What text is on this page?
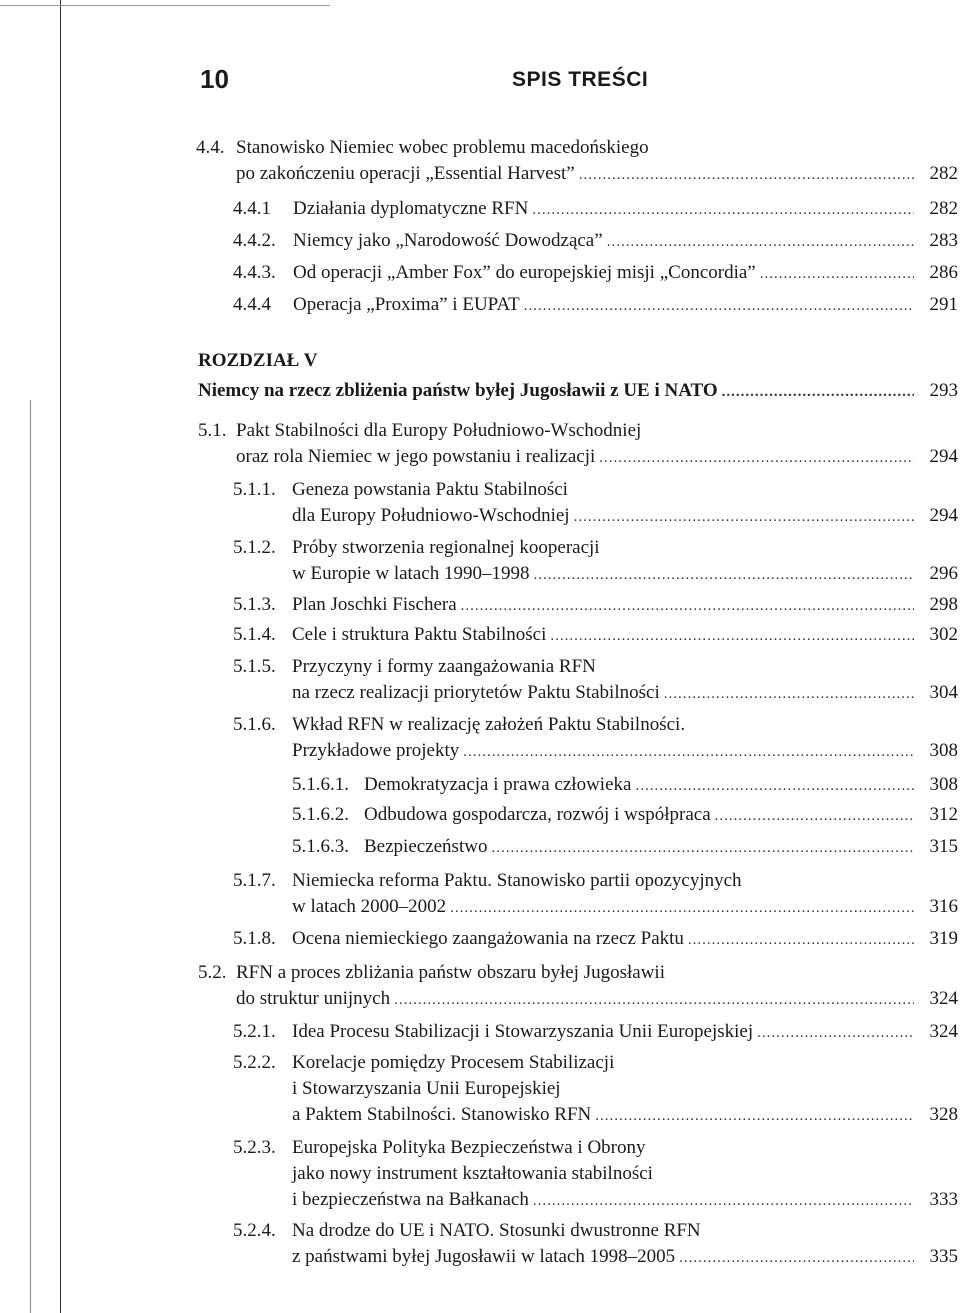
10	SPIS TREŚCI
4.4. Stanowisko Niemiec wobec problemu macedońskiego
po zakończeniu operacji „Essential Harvest” .....	282
4.4.1	Działania dyplomatyczne RFN .....	282
4.4.2. Niemcy jako „Narodowość Dowodząca” .....	283
4.4.3. Od operacji „Amber Fox” do europejskiej misji „Concordia” .....	286
4.4.4	Operacja „Proxima” i EUPAT .....	291
ROZDZIAŁ V
Niemcy na rzecz zbliżenia państw byłej Jugosławii z UE i NATO .....	293
5.1. Pakt Stabilności dla Europy Południowo-Wschodniej
oraz rola Niemiec w jego powstaniu i realizacji .....	294
5.1.1. Geneza powstania Paktu Stabilności
dla Europy Południowo-Wschodniej .....	294
5.1.2. Próby stworzenia regionalnej kooperacji
w Europie w latach 1990–1998 .....	296
5.1.3. Plan Joschki Fischera .....	298
5.1.4. Cele i struktura Paktu Stabilności .....	302
5.1.5. Przyczyny i formy zaangażowania RFN
na rzecz realizacji priorytetów Paktu Stabilności .....	304
5.1.6. Wkład RFN w realizację założeń Paktu Stabilności.
Przykładowe projekty .....	308
5.1.6.1. Demokratyzacja i prawa człowieka .....	308
5.1.6.2. Odbudowa gospodarcza, rozwój i współpraca .....	312
5.1.6.3. Bezpieczeństwo .....	315
5.1.7. Niemiecka reforma Paktu. Stanowisko partii opozycyjnych
w latach 2000–2002 .....	316
5.1.8. Ocena niemieckiego zaangażowania na rzecz Paktu .....	319
5.2. RFN a proces zbliżania państw obszaru byłej Jugosławii
do struktur unijnych .....	324
5.2.1. Idea Procesu Stabilizacji i Stowarzyszania Unii Europejskiej .....	324
5.2.2. Korelacje pomiędzy Procesem Stabilizacji
i Stowarzyszania Unii Europejskiej
a Paktem Stabilności. Stanowisko RFN .....	328
5.2.3. Europejska Polityka Bezpieczeństwa i Obrony
jako nowy instrument kształtowania stabilności
i bezpieczeństwa na Bałkanach .....	333
5.2.4. Na drodze do UE i NATO. Stosunki dwustronne RFN
z państwami byłej Jugosławii w latach 1998–2005 .....	335
